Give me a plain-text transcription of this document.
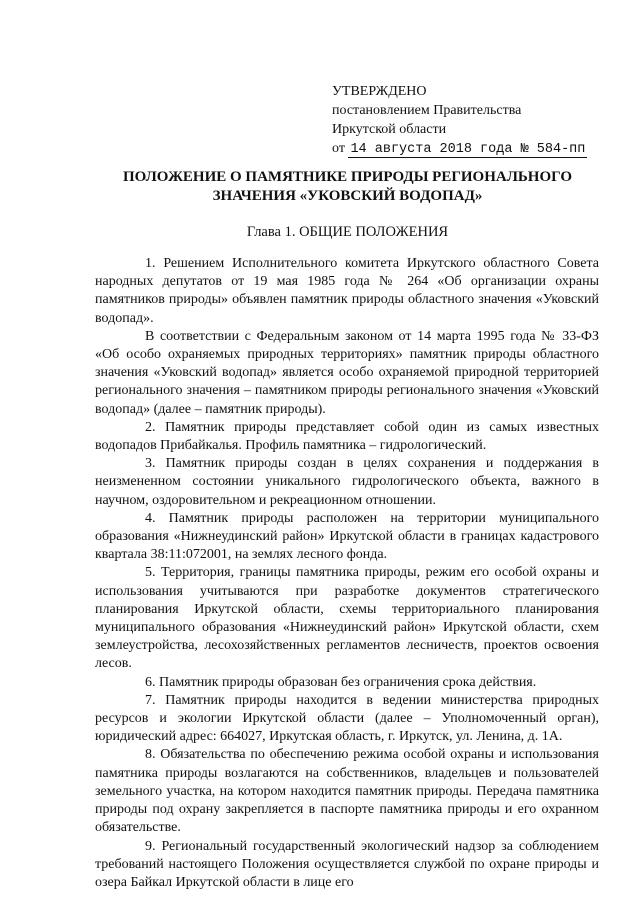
УТВЕРЖДЕНО
постановлением Правительства
Иркутской области
от 14 августа 2018 года № 584-пп
ПОЛОЖЕНИЕ О ПАМЯТНИКЕ ПРИРОДЫ РЕГИОНАЛЬНОГО
ЗНАЧЕНИЯ «УКОВСКИЙ ВОДОПАД»
Глава 1. ОБЩИЕ ПОЛОЖЕНИЯ

1. Решением Исполнительного комитета Иркутского областного Совета народных депутатов от 19 мая 1985 года № 264 «Об организации охраны памятников природы» объявлен памятник природы областного значения «Уковский водопад».

В соответствии с Федеральным законом от 14 марта 1995 года № 33-ФЗ «Об особо охраняемых природных территориях» памятник природы областного значения «Уковский водопад» является особо охраняемой природной территорией регионального значения – памятником природы регионального значения «Уковский водопад» (далее – памятник природы).

2. Памятник природы представляет собой один из самых известных водопадов Прибайкалья. Профиль памятника – гидрологический.

3. Памятник природы создан в целях сохранения и поддержания в неизмененном состоянии уникального гидрологического объекта, важного в научном, оздоровительном и рекреационном отношении.

4. Памятник природы расположен на территории муниципального образования «Нижнеудинский район» Иркутской области в границах кадастрового квартала 38:11:072001, на землях лесного фонда.

5. Территория, границы памятника природы, режим его особой охраны и использования учитываются при разработке документов стратегического планирования Иркутской области, схемы территориального планирования муниципального образования «Нижнеудинский район» Иркутской области, схем землеустройства, лесохозяйственных регламентов лесничеств, проектов освоения лесов.

6. Памятник природы образован без ограничения срока действия.

7. Памятник природы находится в ведении министерства природных ресурсов и экологии Иркутской области (далее – Уполномоченный орган), юридический адрес: 664027, Иркутская область, г. Иркутск, ул. Ленина, д. 1А.

8. Обязательства по обеспечению режима особой охраны и использования памятника природы возлагаются на собственников, владельцев и пользователей земельного участка, на котором находится памятник природы. Передача памятника природы под охрану закрепляется в паспорте памятника природы и его охранном обязательстве.

9. Региональный государственный экологический надзор за соблюдением требований настоящего Положения осуществляется службой по охране природы и озера Байкал Иркутской области в лице его
